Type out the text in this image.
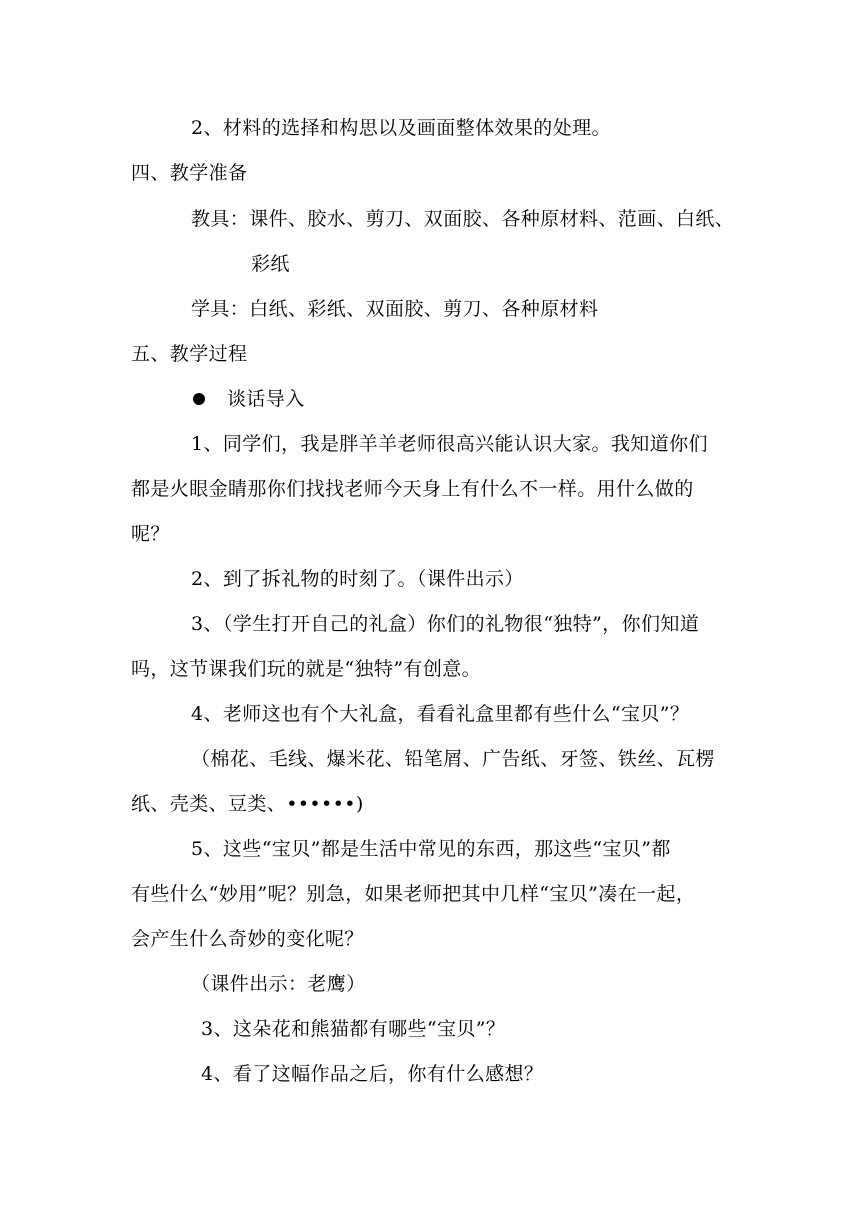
2、材料的选择和构思以及画面整体效果的处理。
四、教学准备
教具：课件、胶水、剪刀、双面胶、各种原材料、范画、白纸、
彩纸
学具：白纸、彩纸、双面胶、剪刀、各种原材料
五、教学过程
谈话导入
1、同学们，我是胖羊羊老师很高兴能认识大家。我知道你们
都是火眼金睛那你们找找老师今天身上有什么不一样。用什么做的
呢？
2、到了拆礼物的时刻了。（课件出示）
3、（学生打开自己的礼盒）你们的礼物很“独特”，你们知道
吗，这节课我们玩的就是“独特”有创意。
4、老师这也有个大礼盒，看看礼盒里都有些什么“宝贝”？
（棉花、毛线、爆米花、铅笔屑、广告纸、牙签、铁丝、瓦楞
纸、壳类、豆类、••••••)
5、这些“宝贝”都是生活中常见的东西，那这些“宝贝”都
有些什么“妙用”呢？别急，如果老师把其中几样“宝贝”凑在一起，
会产生什么奇妙的变化呢？
（课件出示：老鹰）
3、这朵花和熊猫都有哪些“宝贝”？
4、看了这幅作品之后，你有什么感想？
